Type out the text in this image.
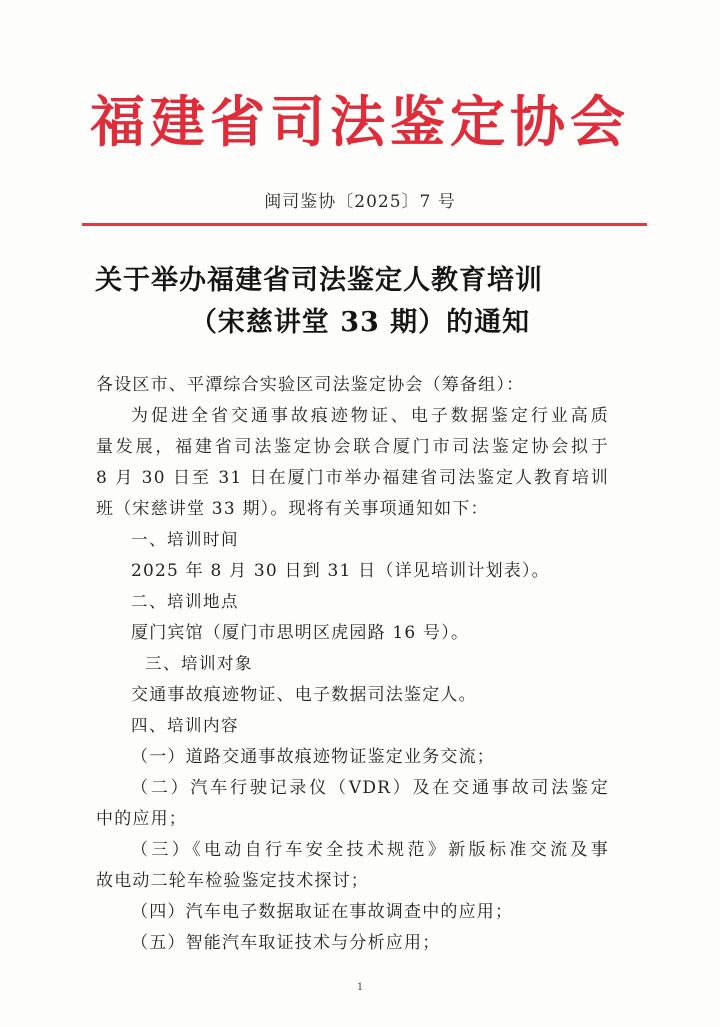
福建省司法鉴定协会
闽司鉴协〔2025〕7 号
关于举办福建省司法鉴定人教育培训
（宋慈讲堂 33 期）的通知
各设区市、平潭综合实验区司法鉴定协会（筹备组）：
为促进全省交通事故痕迹物证、电子数据鉴定行业高质
量发展，福建省司法鉴定协会联合厦门市司法鉴定协会拟于
8 月 30 日至 31 日在厦门市举办福建省司法鉴定人教育培训
班（宋慈讲堂 33 期）。现将有关事项通知如下：
一、培训时间
2025 年 8 月 30 日到 31 日（详见培训计划表）。
二、培训地点
厦门宾馆（厦门市思明区虎园路 16 号）。
三、培训对象
交通事故痕迹物证、电子数据司法鉴定人。
四、培训内容
（一）道路交通事故痕迹物证鉴定业务交流；
（二）汽车行驶记录仪（VDR）及在交通事故司法鉴定
中的应用；
（三）《电动自行车安全技术规范》新版标准交流及事
故电动二轮车检验鉴定技术探讨；
（四）汽车电子数据取证在事故调查中的应用；
（五）智能汽车取证技术与分析应用；
1
